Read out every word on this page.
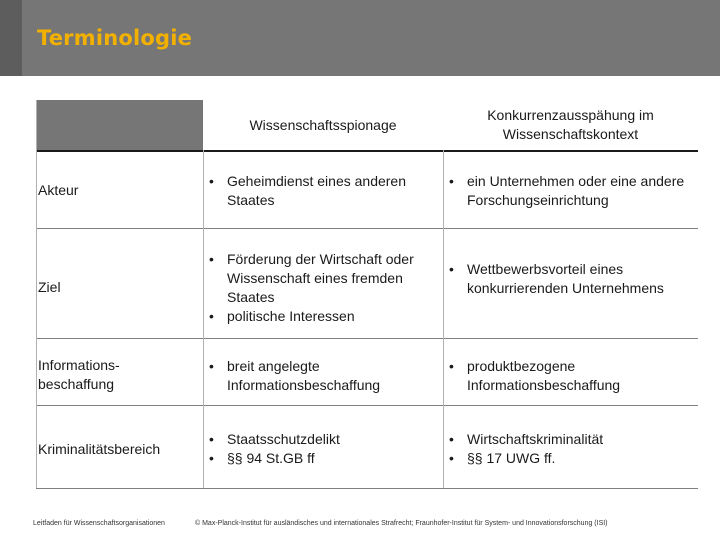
Terminologie
Wissenschaftsspionage
Konkurrenzausspähung im Wissenschaftskontext
Akteur
• Geheimdienst eines anderen Staates
• ein Unternehmen oder eine andere Forschungseinrichtung
Ziel
• Förderung der Wirtschaft oder Wissenschaft eines fremden Staates
• politische Interessen
• Wettbewerbsvorteil eines konkurrierenden Unternehmens
Informations-beschaffung
• breit angelegte Informationsbeschaffung
• produktbezogene Informationsbeschaffung
Kriminalitätsbereich
• Staatsschutzdelikt
• §§ 94 St.GB ff
• Wirtschaftskriminalität
• §§ 17 UWG ff.
Leitfaden für Wissenschaftsorganisationen	© Max-Planck-Institut für ausländisches und internationales Strafrecht; Fraunhofer-Institut für System- und Innovationsforschung (ISI)
